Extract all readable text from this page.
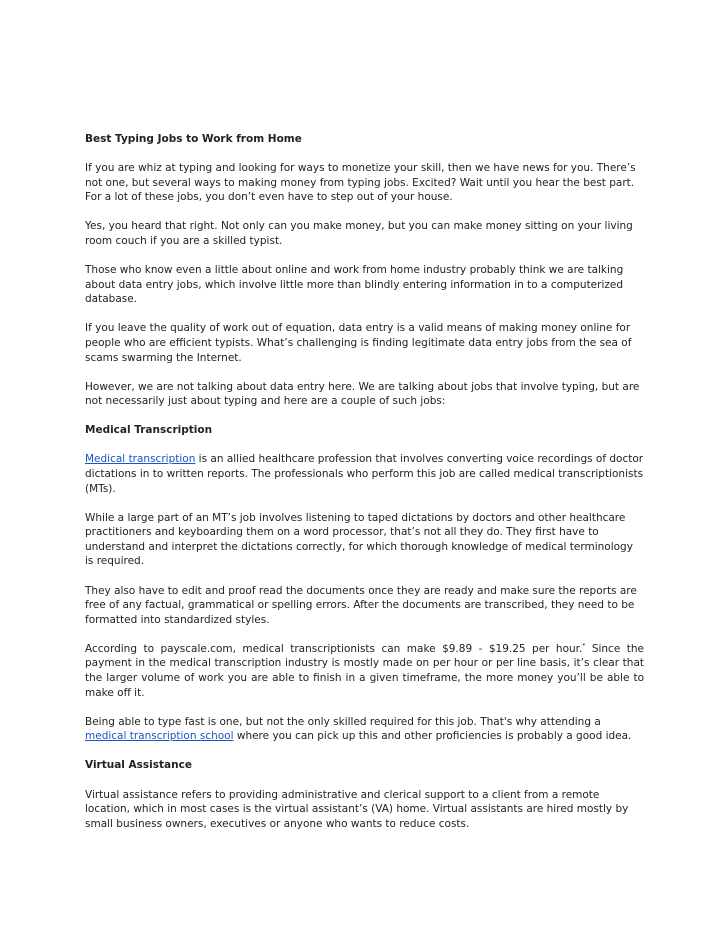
Best Typing Jobs to Work from Home

If you are whiz at typing and looking for ways to monetize your skill, then we have news for you. There’s not one, but several ways to making money from typing jobs. Excited? Wait until you hear the best part. For a lot of these jobs, you don’t even have to step out of your house.

Yes, you heard that right. Not only can you make money, but you can make money sitting on your living room couch if you are a skilled typist.

Those who know even a little about online and work from home industry probably think we are talking about data entry jobs, which involve little more than blindly entering information in to a computerized database.

If you leave the quality of work out of equation, data entry is a valid means of making money online for people who are efficient typists. What’s challenging is finding legitimate data entry jobs from the sea of scams swarming the Internet.

However, we are not talking about data entry here. We are talking about jobs that involve typing, but are not necessarily just about typing and here are a couple of such jobs:

Medical Transcription

Medical transcription is an allied healthcare profession that involves converting voice recordings of doctor dictations in to written reports. The professionals who perform this job are called medical transcriptionists (MTs).

While a large part of an MT’s job involves listening to taped dictations by doctors and other healthcare practitioners and keyboarding them on a word processor, that’s not all they do. They first have to understand and interpret the dictations correctly, for which thorough knowledge of medical terminology is required.

They also have to edit and proof read the documents once they are ready and make sure the reports are free of any factual, grammatical or spelling errors. After the documents are transcribed, they need to be formatted into standardized styles.

According to payscale.com, medical transcriptionists can make $9.89 - $19.25 per hour.* Since the payment in the medical transcription industry is mostly made on per hour or per line basis, it’s clear that the larger volume of work you are able to finish in a given timeframe, the more money you’ll be able to make off it.

Being able to type fast is one, but not the only skilled required for this job. That's why attending a medical transcription school where you can pick up this and other proficiencies is probably a good idea.

Virtual Assistance

Virtual assistance refers to providing administrative and clerical support to a client from a remote location, which in most cases is the virtual assistant’s (VA) home. Virtual assistants are hired mostly by small business owners, executives or anyone who wants to reduce costs.
